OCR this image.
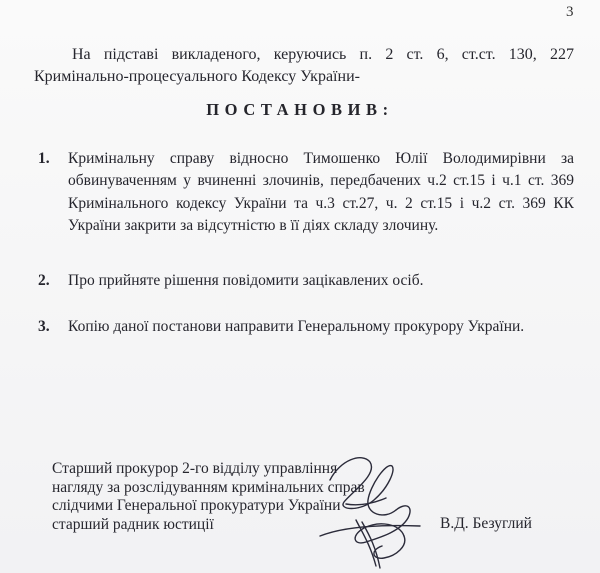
3
На підставі викладеного, керуючись п. 2 ст. 6, ст.ст. 130, 227
Кримінально-процесуального Кодексу України-
ПОСТАНОВИВ:
1. Кримінальну справу відносно Тимошенко Юлії Володимирівни за обвинуваченням у вчиненні злочинів, передбачених ч.2 ст.15 і ч.1 ст. 369 Кримінального кодексу України та ч.3 ст.27, ч. 2 ст.15 і ч.2 ст. 369 КК України закрити за відсутністю в її діях складу злочину.
2. Про прийняте рішення повідомити зацікавлених осіб.
3. Копію даної постанови направити Генеральному прокурору України.
Старший прокурор 2-го відділу управління
нагляду за розслідуванням кримінальних справ
слідчими Генеральної прокуратури України
старший радник юстиції	В.Д. Безуглий
